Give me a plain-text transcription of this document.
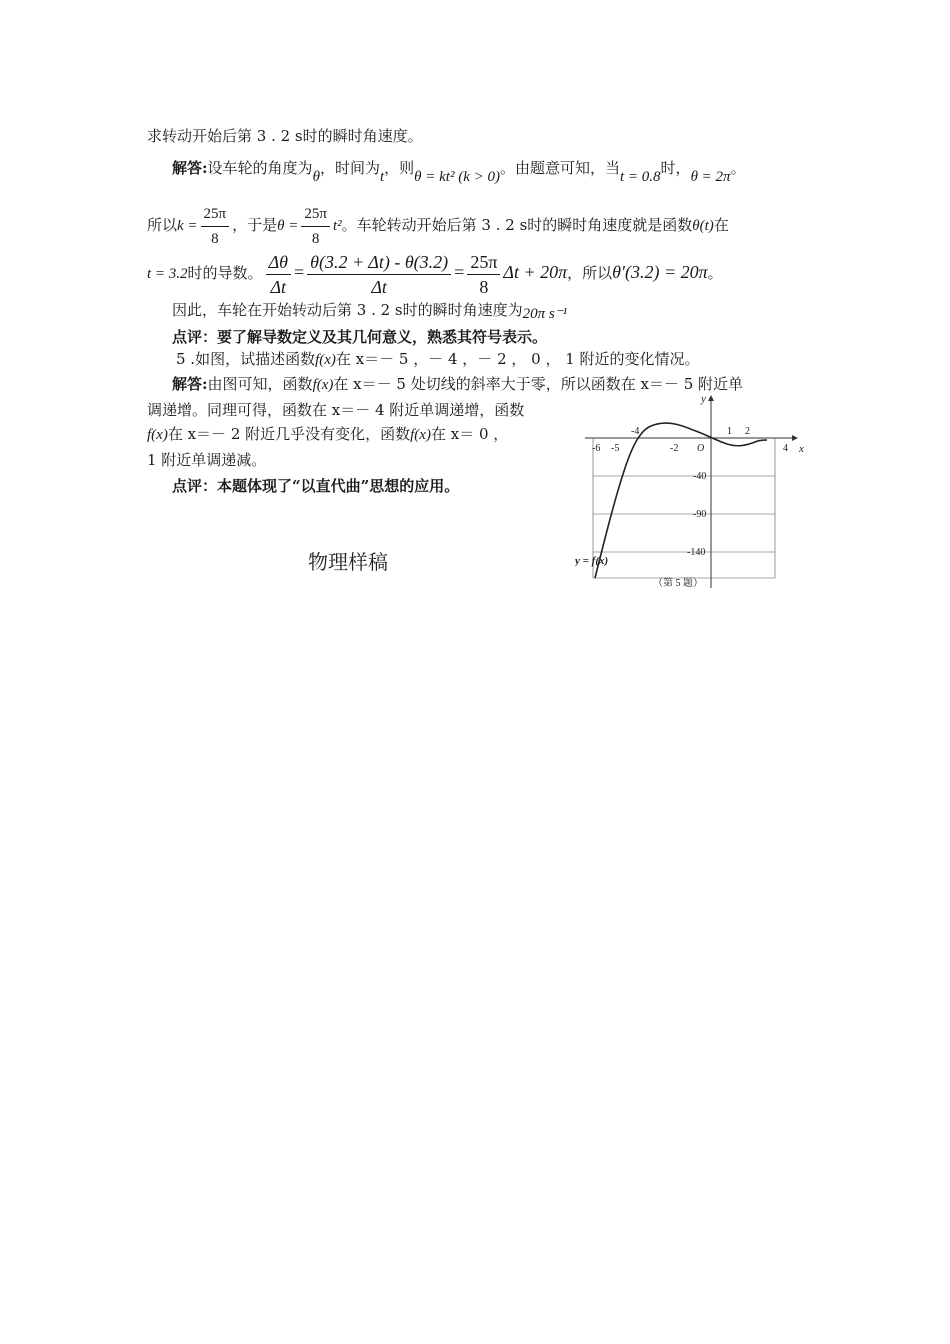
求转动开始后第 3 . 2 s时的瞬时角速度。
解答:设车轮的角度为θ，时间为t，则θ = kt² (k > 0)。由题意可知，当t = 0.8时，θ = 2π。
所以$k = \frac{25\pi}{8}$ ，于是$\theta = \frac{25\pi}{8} t^2$。车轮转动开始后第 3 . 2 s时的瞬时角速度就是函数θ(t)在
t = 3.2时的导数。 $\frac{\Delta\theta}{\Delta t} = \frac{\theta(3.2 + \Delta t) - \theta(3.2)}{\Delta t} = \frac{25\pi}{8}$ Δt + 20π，所以θ′(3.2) = 20π。
因此，车轮在开始转动后第 3 . 2 s时的瞬时角速度为20π s⁻¹
点评：要了解导数定义及其几何意义，熟悉其符号表示。
5 .如图，试描述函数f(x)在 x＝－ 5 ，－ 4 ，－ 2 ， 0 ， 1 附近的变化情况。
解答:由图可知，函数f(x)在 x＝－ 5 处切线的斜率大于零，所以函数在 x＝－ 5 附近单
调递增。同理可得，函数在 x＝－ 4 附近单调递增，函数
f(x)在 x＝－ 2 附近几乎没有变化，函数f(x)在 x＝ 0 ，
1 附近单调递减。
点评：本题体现了“以直代曲”思想的应用。
物理样稿
-6 -5
-4
-2
1 2
4
-40
-90
-140
O
y
x
y = f(x)
（第 5 题）
